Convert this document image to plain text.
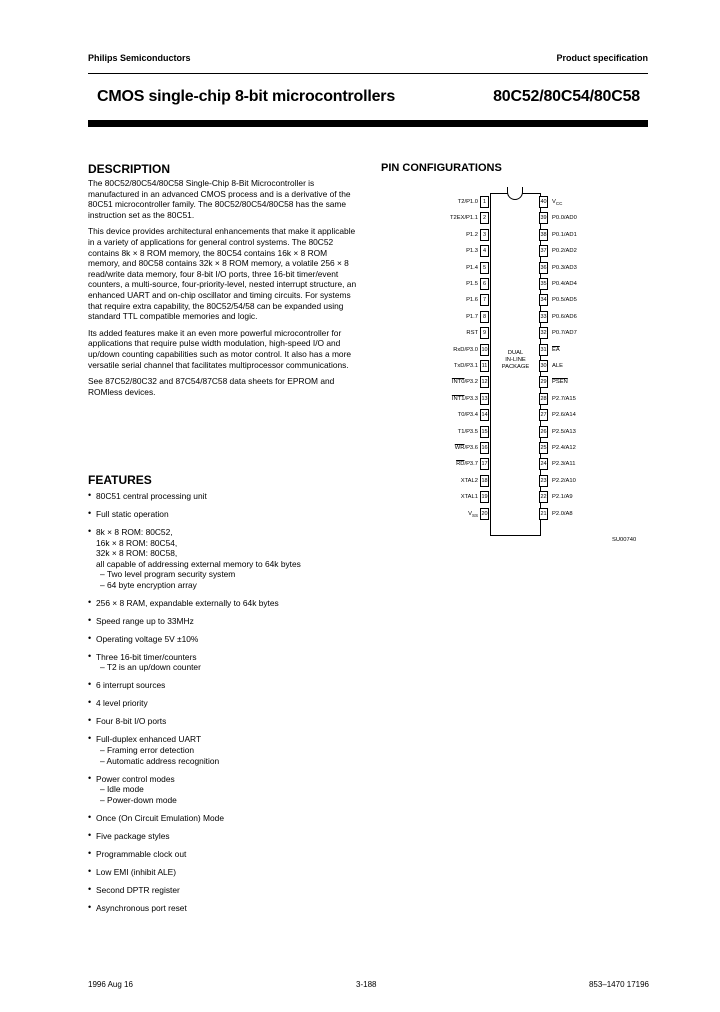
Philips Semiconductors	Product specification
CMOS single-chip 8-bit microcontrollers	80C52/80C54/80C58
DESCRIPTION

The 80C52/80C54/80C58 Single-Chip 8-Bit Microcontroller is manufactured in an advanced CMOS process and is a derivative of the 80C51 microcontroller family. The 80C52/80C54/80C58 has the same instruction set as the 80C51.

This device provides architectural enhancements that make it applicable in a variety of applications for general control systems. The 80C52 contains 8k × 8 ROM memory, the 80C54 contains 16k × 8 ROM memory, and 80C58 contains 32k × 8 ROM memory, a volatile 256 × 8 read/write data memory, four 8-bit I/O ports, three 16-bit timer/event counters, a multi-source, four-priority-level, nested interrupt structure, an enhanced UART and on-chip oscillator and timing circuits. For systems that require extra capability, the 80C52/54/58 can be expanded using standard TTL compatible memories and logic.

Its added features make it an even more powerful microcontroller for applications that require pulse width modulation, high-speed I/O and up/down counting capabilities such as motor control. It also has a more versatile serial channel that facilitates multiprocessor communications.

See 87C52/80C32 and 87C54/87C58 data sheets for EPROM and ROMless devices.

FEATURES
• 80C51 central processing unit
• Full static operation
• 8k × 8 ROM: 80C52,
16k × 8 ROM: 80C54,
32k × 8 ROM: 80C58,
all capable of addressing external memory to 64k bytes
– Two level program security system
– 64 byte encryption array
• 256 × 8 RAM, expandable externally to 64k bytes
• Speed range up to 33MHz
• Operating voltage 5V ±10%
• Three 16-bit timer/counters
– T2 is an up/down counter
• 6 interrupt sources
• 4 level priority
• Four 8-bit I/O ports
• Full-duplex enhanced UART
– Framing error detection
– Automatic address recognition
• Power control modes
– Idle mode
– Power-down mode
• Once (On Circuit Emulation) Mode
• Five package styles
• Programmable clock out
• Low EMI (inhibit ALE)
• Second DPTR register
• Asynchronous port reset
PIN CONFIGURATIONS
DUAL
IN-LINE
PACKAGE
1
T2/P1.0
2
T2EX/P1.1
3
P1.2
4
P1.3
5
P1.4
6
P1.5
7
P1.6
8
P1.7
9
RST
10
RxD/P3.0
11
TxD/P3.1
12
INT0/P3.2
13
INT1/P3.3
14
T0/P3.4
15
T1/P3.5
16
$\overline{WR}/P3.6$
17
$\overline{RD}/P3.7$
18
XTAL2
19
XTAL1
20
$V_{SS}$
40 $V_{CC}$
39 P0.0/AD0
38 P0.1/AD1
37 P0.2/AD2
36 P0.3/AD3
35 P0.4/AD4
34 P0.5/AD5
33 P0.6/AD6
32 P0.7/AD7
31 $\overline{EA}$
30 ALE
29 PSEN
28 P2.7/A15
27 P2.6/A14
26 P2.5/A13
25 P2.4/A12
24 P2.3/A11
23 P2.2/A10
22 P2.1/A9
21 P2.0/A8
SU00740
1996 Aug 16	3-188	853–1470 17196
